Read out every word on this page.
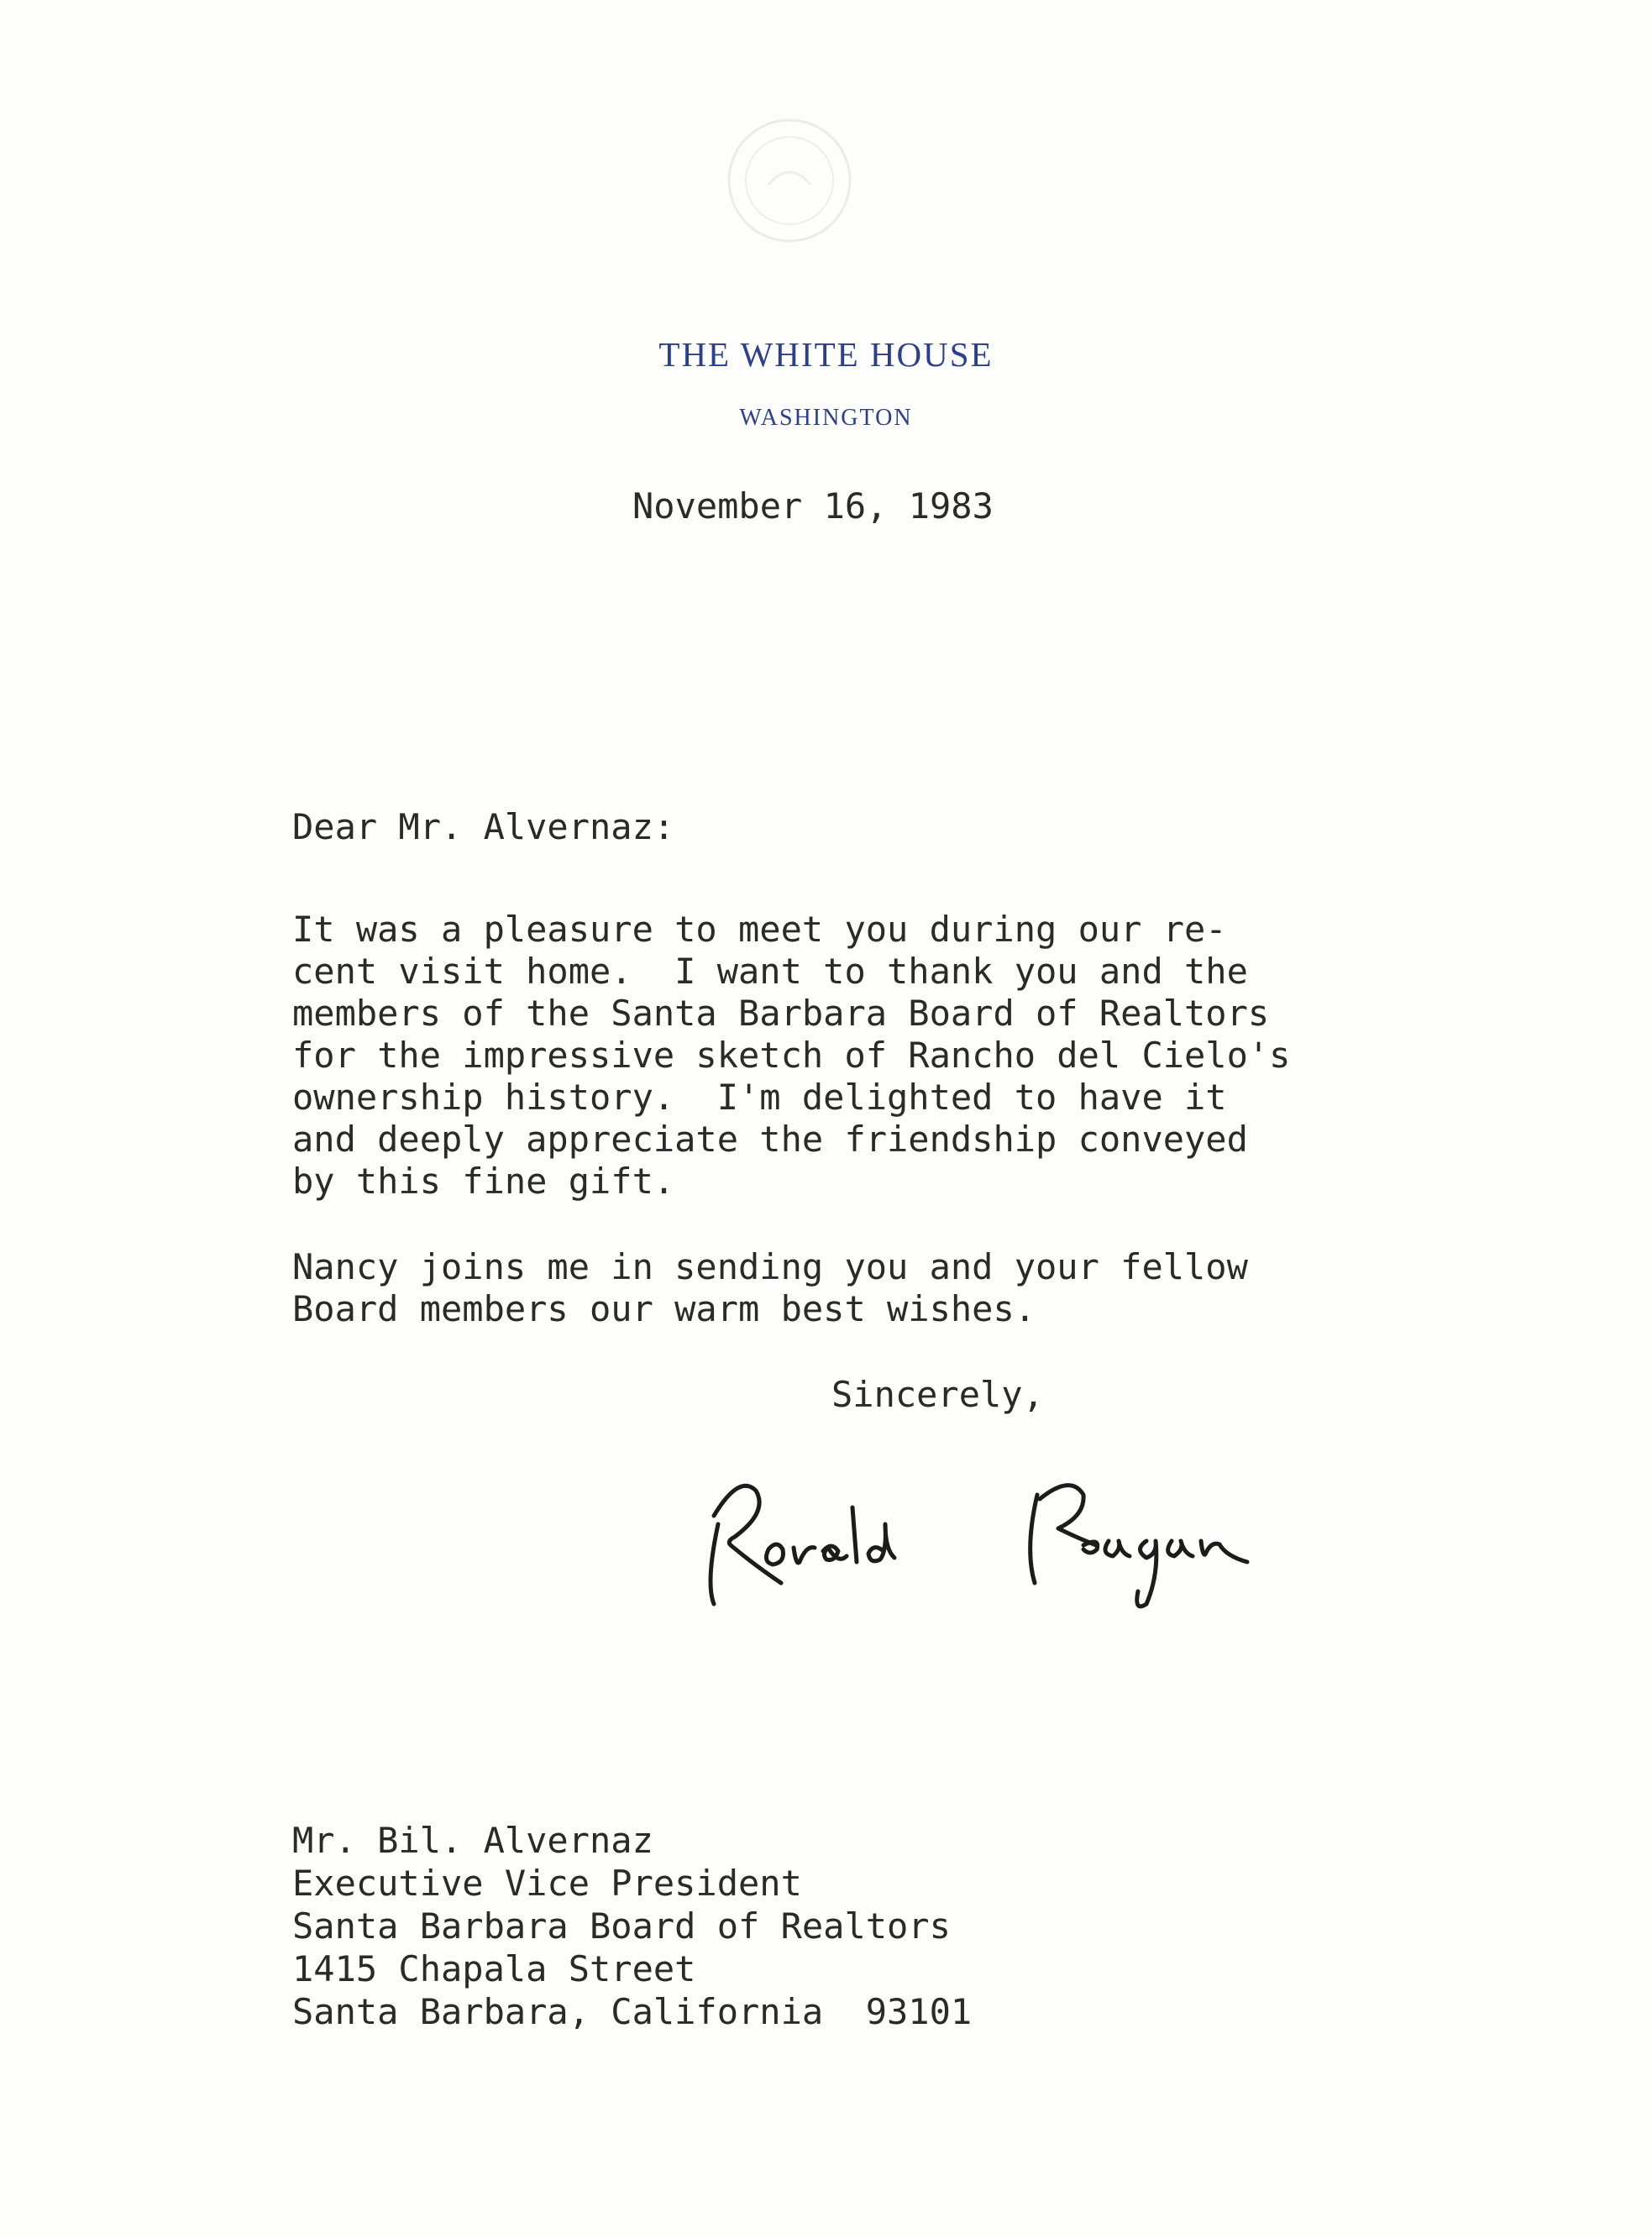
THE WHITE HOUSE
WASHINGTON
November 16, 1983
Dear Mr. Alvernaz:
It was a pleasure to meet you during our re-
cent visit home.  I want to thank you and the
members of the Santa Barbara Board of Realtors
for the impressive sketch of Rancho del Cielo's
ownership history.  I'm delighted to have it
and deeply appreciate the friendship conveyed
by this fine gift.
Nancy joins me in sending you and your fellow
Board members our warm best wishes.
Sincerely,
Mr. Bil. Alvernaz
Executive Vice President
Santa Barbara Board of Realtors
1415 Chapala Street
Santa Barbara, California  93101
